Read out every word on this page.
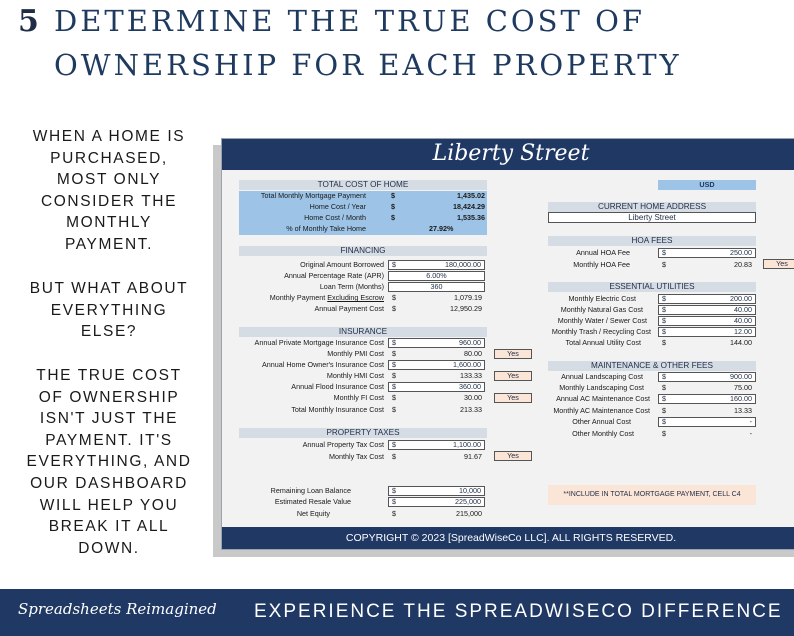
5 DETERMINE THE TRUE COST OF
OWNERSHIP FOR EACH PROPERTY
WHEN A HOME IS
PURCHASED,
MOST ONLY
CONSIDER THE
MONTHLY
PAYMENT.
BUT WHAT ABOUT
EVERYTHING
ELSE?
THE TRUE COST
OF OWNERSHIP
ISN'T JUST THE
PAYMENT. IT'S
EVERYTHING, AND
OUR DASHBOARD
WILL HELP YOU
BREAK IT ALL
DOWN.
Liberty Street
TOTAL COST OF HOME
Total Monthly Mortgage Payment	$	1,435.02
Home Cost / Year	$	18,424.29
Home Cost / Month	$	1,535.36
% of Monthly Take Home	27.92%
FINANCING
Original Amount Borrowed $	180,000.00
Annual Percentage Rate (APR)	6.00%
Loan Term (Months)	360
Monthly Payment Excluding Escrow $	1,079.19
Annual Payment Cost $	12,950.29
INSURANCE
Annual Private Mortgage Insurance Cost $	960.00
Monthly PMI Cost $	80.00	Yes
Annual Home Owner's Insurance Cost $	1,600.00
Monthly HMI Cost $	133.33	Yes
Annual Flood Insurance Cost $	360.00
Monthly FI Cost $	30.00	Yes
Total Monthly Insurance Cost $	213.33
PROPERTY TAXES
Annual Property Tax Cost $	1,100.00
Monthly Tax Cost $	91.67	Yes
Remaining Loan Balance	$	10,000
Estimated Resale Value	$	225,000
Net Equity	$	215,000
USD
CURRENT HOME ADDRESS
Liberty Street
HOA FEES
Annual HOA Fee	$	250.00
Monthly HOA Fee	$	20.83	Yes
ESSENTIAL UTILITIES
Monthly Electric Cost	$	200.00
Monthly Natural Gas Cost	$	40.00
Monthly Water / Sewer Cost $	40.00
Monthly Trash / Recycling Cost $	12.00
Total Annual Utility Cost	$	144.00
MAINTENANCE & OTHER FEES
Annual Landscaping Cost	$	900.00
Monthly Landscaping Cost	$	75.00
Annual AC Maintenance Cost $	160.00
Monthly AC Maintenance Cost $	13.33
Other Annual Cost	$	-
Other Monthly Cost	$	-
**INCLUDE IN TOTAL MORTGAGE PAYMENT, CELL C4
COPYRIGHT © 2023 [SpreadWiseCo LLC]. ALL RIGHTS RESERVED.
Spreadsheets Reimagined EXPERIENCE THE SPREADWISECO DIFFERENCE
